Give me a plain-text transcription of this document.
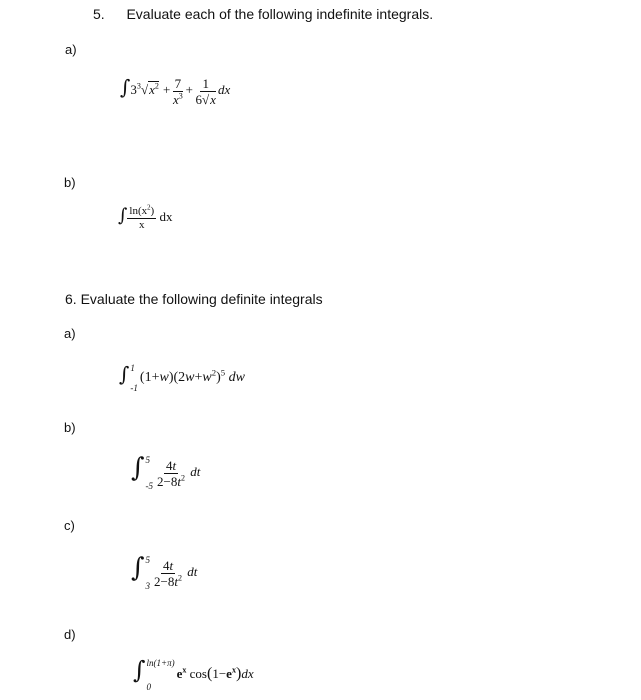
5. Evaluate each of the following indefinite integrals.
a)
$\int 3^3√x^2 + \frac{7}{x^3} + \frac{1}{6√x}$ dx
b)
∫ $\frac{\ln(x^2)}{x}$ dx
6. Evaluate the following definite integrals
a)
∫ 1
-1
$(1+w)(2w+w^2)^5$ dw
b)
∫ 5
$-5 \frac{4t}{2-8t^2}$ dt
c)
∫ 5
$3 \frac{4t}{2-8t^2}$ dt
d)
∫ ln(1+π)
0
$e^x$ $\cos(1-e^x)dx$
